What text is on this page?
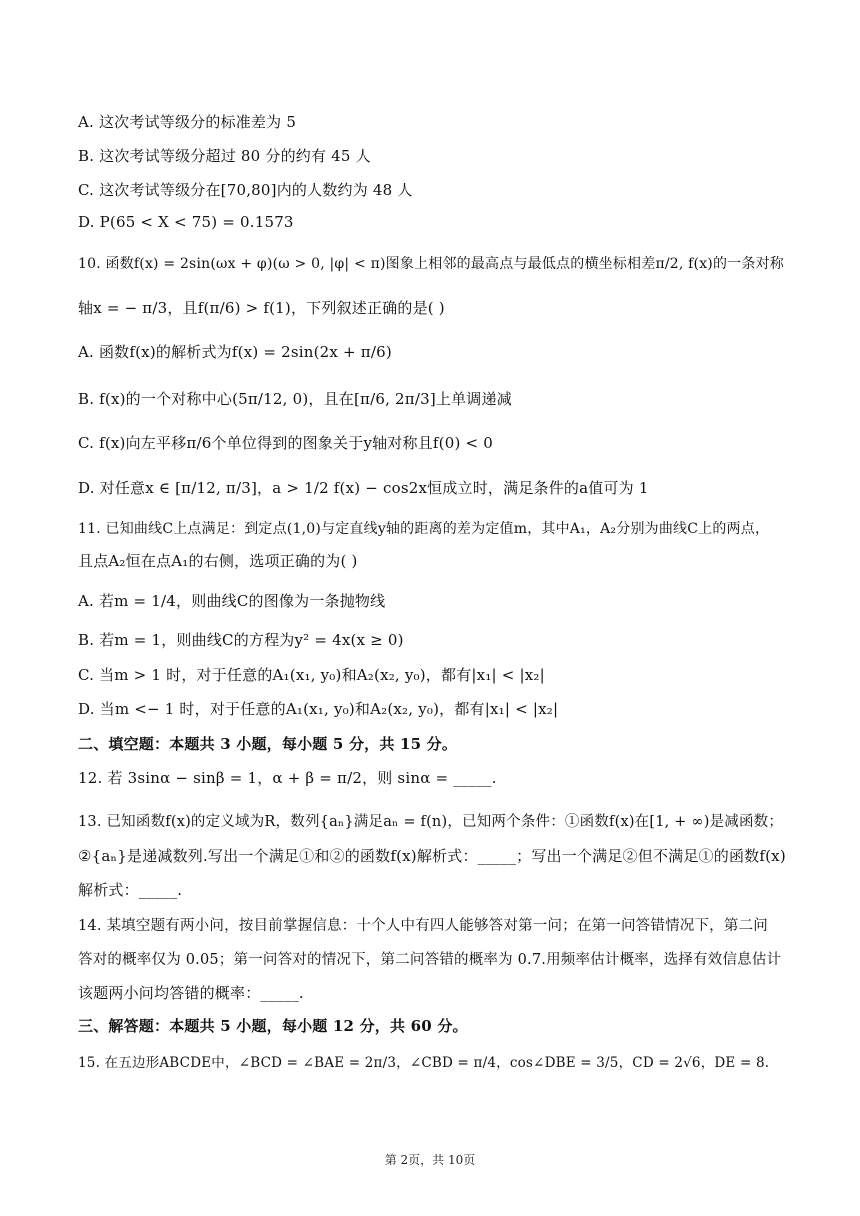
A. 这次考试等级分的标准差为 5
B. 这次考试等级分超过 80 分的约有 45 人
C. 这次考试等级分在[70,80]内的人数约为 48 人
D. P(65 < X < 75) = 0.1573
10. 函数f(x) = 2sin(ωx + φ)(ω > 0, |φ| < π)图象上相邻的最高点与最低点的横坐标相差π/2, f(x)的一条对称
轴x = − π/3，且f(π/6) > f(1)，下列叙述正确的是( )
A. 函数f(x)的解析式为f(x) = 2sin(2x + π/6)
B. f(x)的一个对称中心(5π/12, 0)，且在[π/6, 2π/3]上单调递减
C. f(x)向左平移π/6个单位得到的图象关于y轴对称且f(0) < 0
D. 对任意x ∈ [π/12, π/3]，a > 1/2 f(x) − cos2x恒成立时，满足条件的a值可为 1
11. 已知曲线C上点满足：到定点(1,0)与定直线y轴的距离的差为定值m，其中A₁，A₂分别为曲线C上的两点，
且点A₂恒在点A₁的右侧，选项正确的为( )
A. 若m = 1/4，则曲线C的图像为一条抛物线
B. 若m = 1，则曲线C的方程为y² = 4x(x ≥ 0)
C. 当m > 1 时，对于任意的A₁(x₁, y₀)和A₂(x₂, y₀)，都有|x₁| < |x₂|
D. 当m <− 1 时，对于任意的A₁(x₁, y₀)和A₂(x₂, y₀)，都有|x₁| < |x₂|
二、填空题：本题共 3 小题，每小题 5 分，共 15 分。
12. 若 3sinα − sinβ = 1，α + β = π/2，则 sinα = _____.
13. 已知函数f(x)的定义域为R，数列{aₙ}满足aₙ = f(n)，已知两个条件：①函数f(x)在[1, + ∞)是减函数；
②{aₙ}是递减数列.写出一个满足①和②的函数f(x)解析式：_____；写出一个满足②但不满足①的函数f(x)
解析式：_____.
14. 某填空题有两小问，按目前掌握信息：十个人中有四人能够答对第一问；在第一问答错情况下，第二问
答对的概率仅为 0.05；第一问答对的情况下，第二问答错的概率为 0.7.用频率估计概率，选择有效信息估计
该题两小问均答错的概率：_____.
三、解答题：本题共 5 小题，每小题 12 分，共 60 分。
15. 在五边形ABCDE中，∠BCD = ∠BAE = 2π/3，∠CBD = π/4，cos∠DBE = 3/5，CD = 2√6，DE = 8.
第 2页，共 10页
